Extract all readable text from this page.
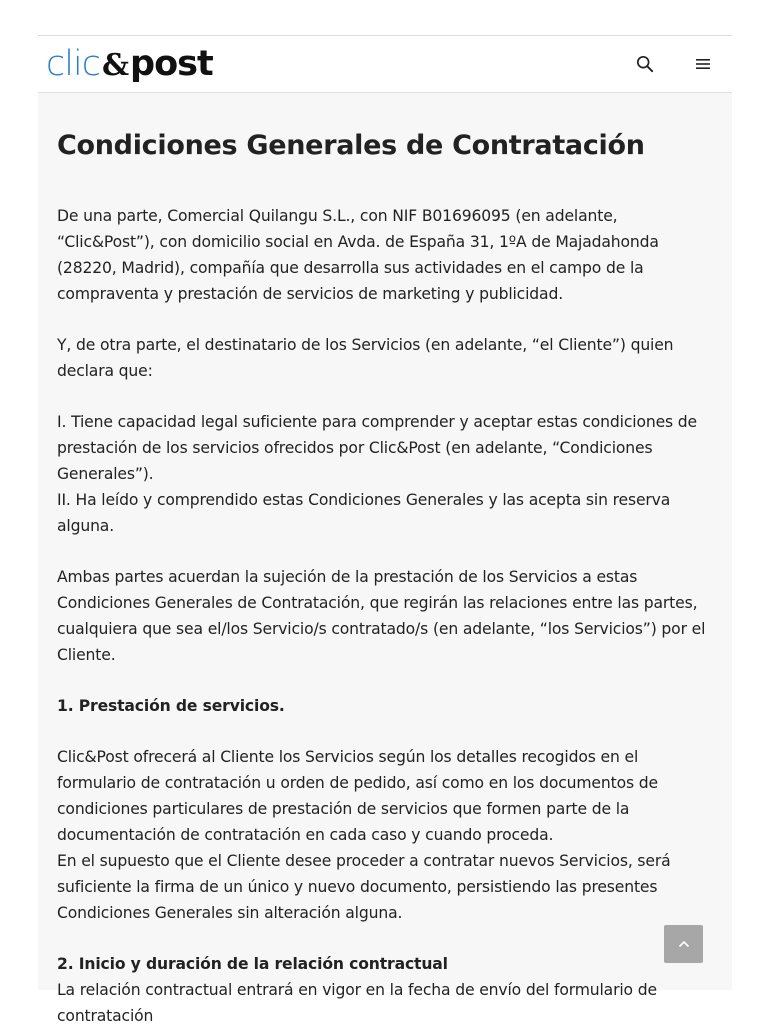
clic & post
Condiciones Generales de Contratación

De una parte, Comercial Quilangu S.L., con NIF B01696095 (en adelante, “Clic&Post”), con domicilio social en Avda. de España 31, 1ºA de Majadahonda (28220, Madrid), compañía que desarrolla sus actividades en el campo de la compraventa y prestación de servicios de marketing y publicidad.

Y, de otra parte, el destinatario de los Servicios (en adelante, “el Cliente”) quien declara que:

I. Tiene capacidad legal suficiente para comprender y aceptar estas condiciones de prestación de los servicios ofrecidos por Clic&Post (en adelante, “Condiciones Generales”).

II. Ha leído y comprendido estas Condiciones Generales y las acepta sin reserva alguna.

Ambas partes acuerdan la sujeción de la prestación de los Servicios a estas Condiciones Generales de Contratación, que regirán las relaciones entre las partes, cualquiera que sea el/los Servicio/s contratado/s (en adelante, “los Servicios”) por el Cliente.

1. Prestación de servicios.

Clic&Post ofrecerá al Cliente los Servicios según los detalles recogidos en el formulario de contratación u orden de pedido, así como en los documentos de condiciones particulares de prestación de servicios que formen parte de la documentación de contratación en cada caso y cuando proceda.

En el supuesto que el Cliente desee proceder a contratar nuevos Servicios, será suficiente la firma de un único y nuevo documento, persistiendo las presentes Condiciones Generales sin alteración alguna.

2. Inicio y duración de la relación contractual

La relación contractual entrará en vigor en la fecha de envío del formulario de contratación
